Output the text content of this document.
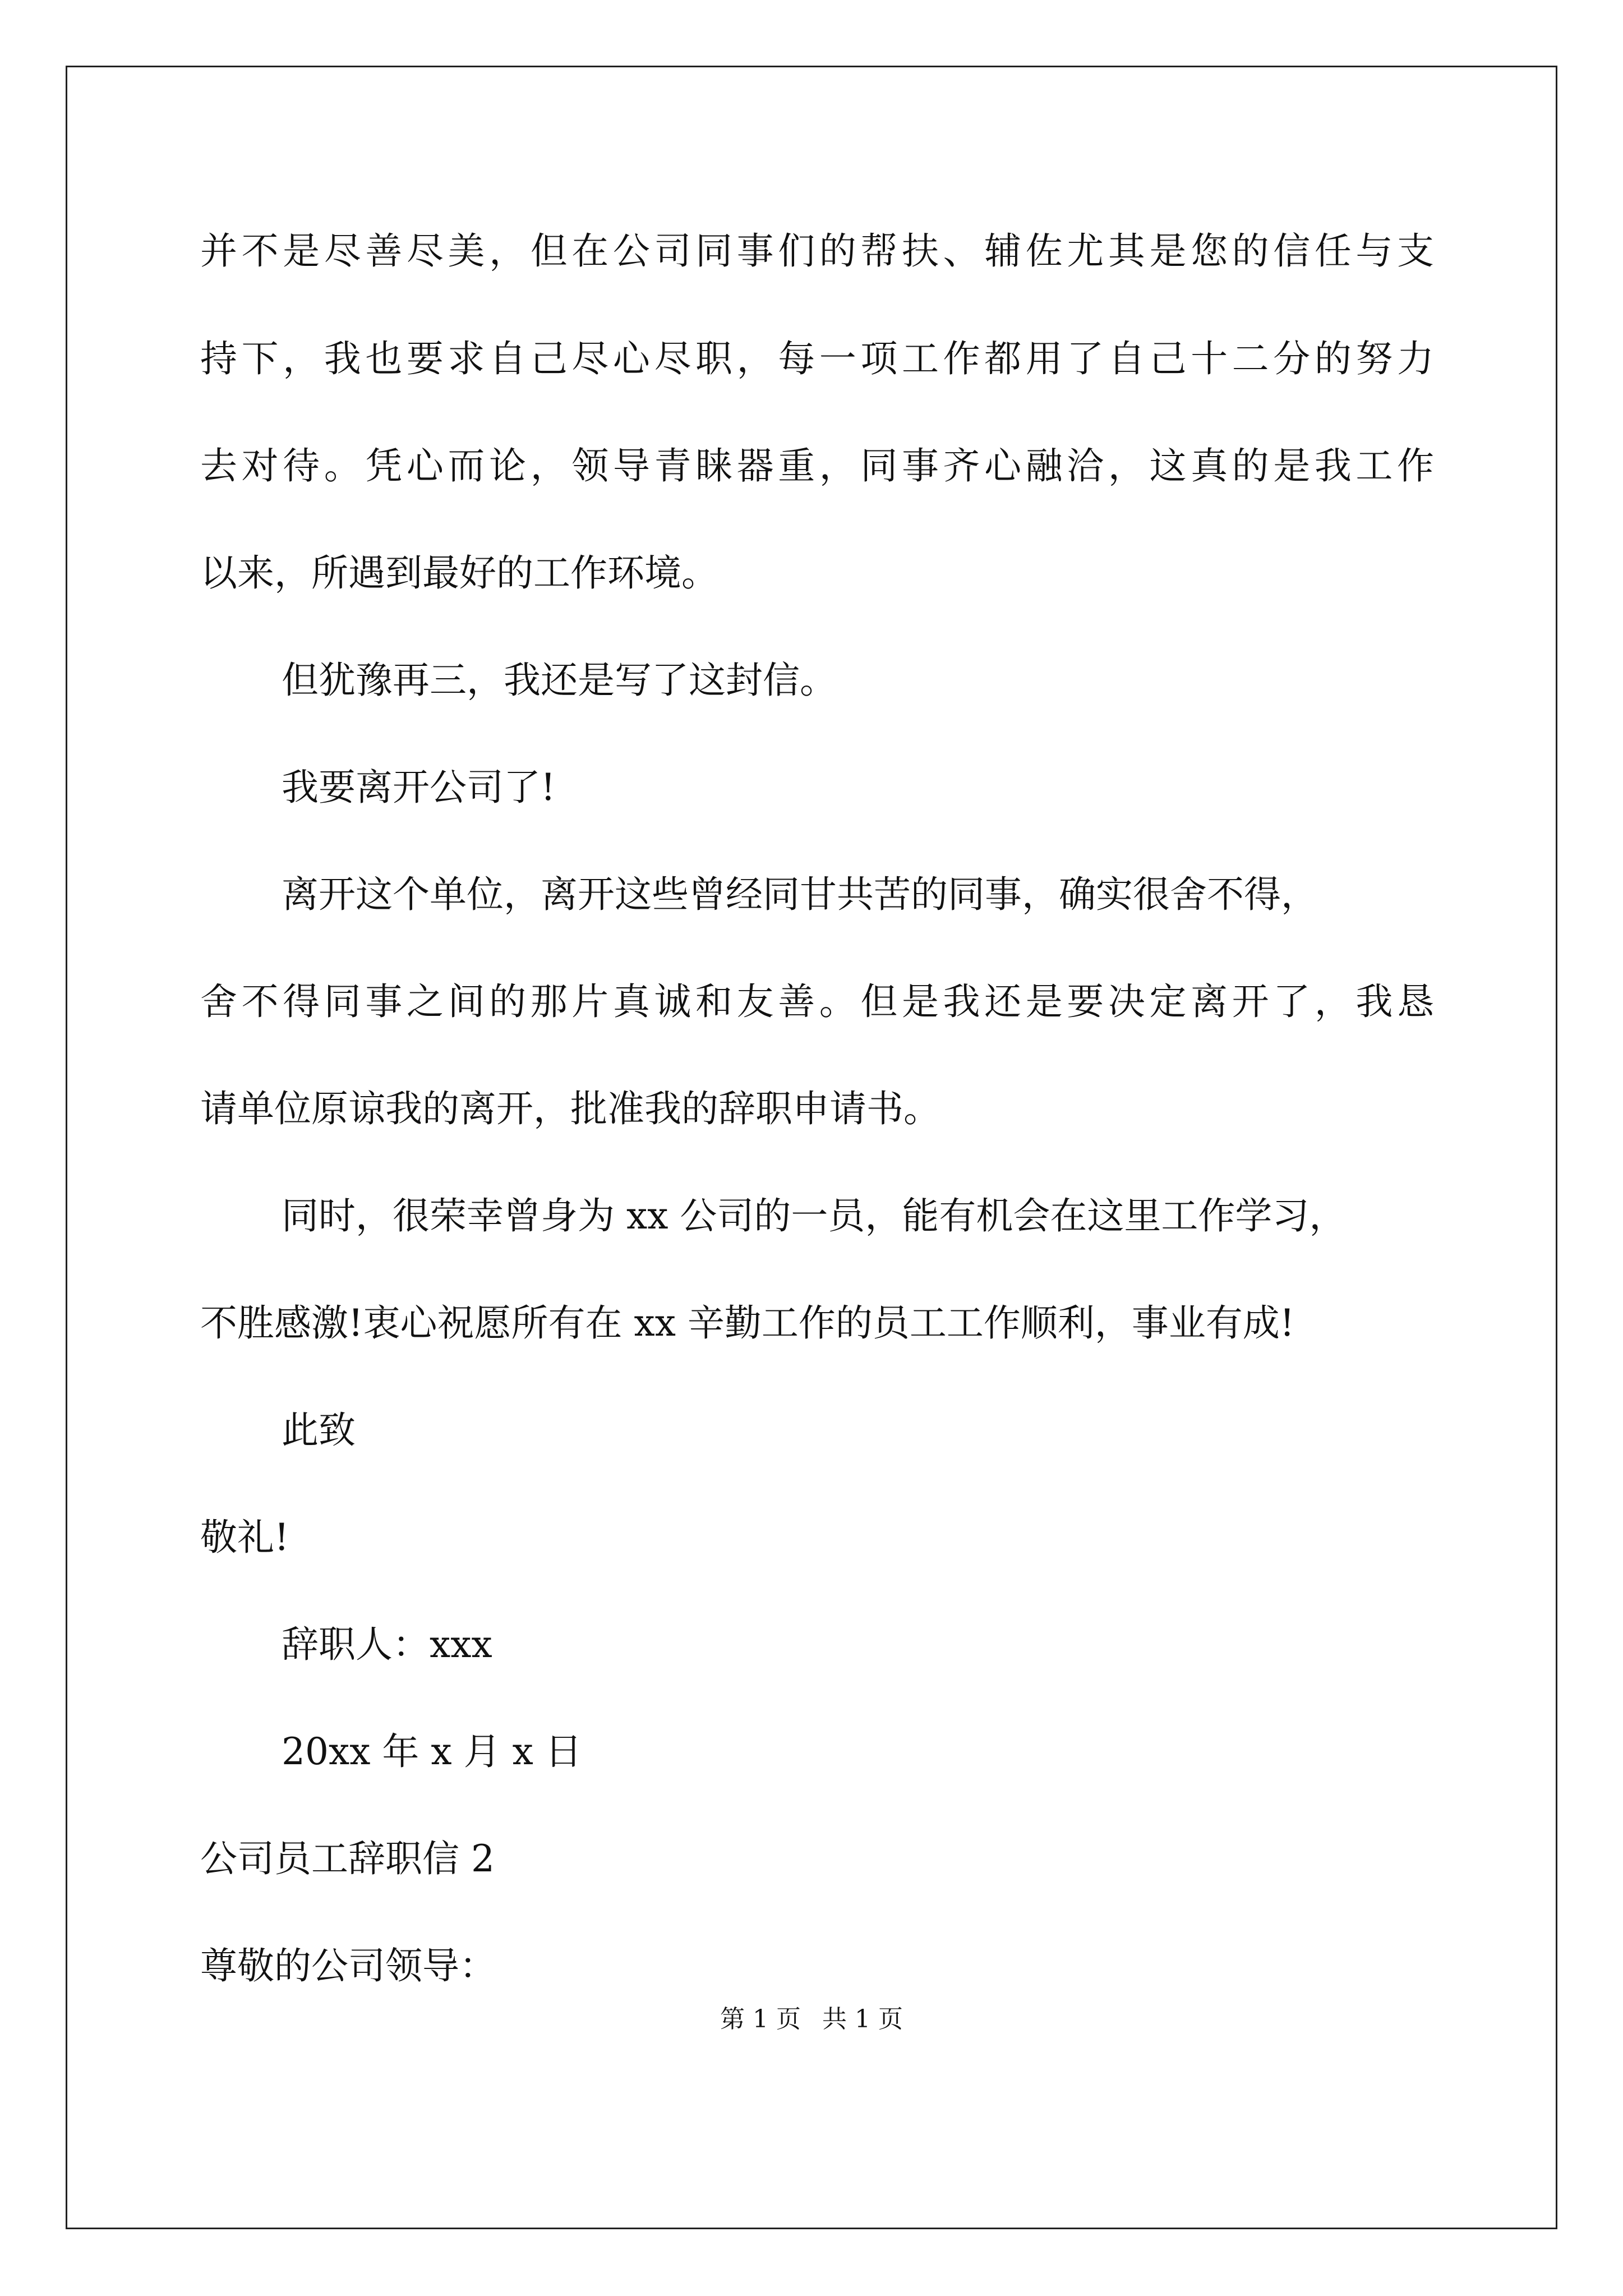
并不是尽善尽美，但在公司同事们的帮扶、辅佐尤其是您的信任与支

持下，我也要求自己尽心尽职，每一项工作都用了自己十二分的努力

去对待。凭心而论，领导青睐器重，同事齐心融洽，这真的是我工作

以来，所遇到最好的工作环境。

但犹豫再三，我还是写了这封信。

我要离开公司了!

离开这个单位，离开这些曾经同甘共苦的同事，确实很舍不得，

舍不得同事之间的那片真诚和友善。但是我还是要决定离开了，我恳

请单位原谅我的离开，批准我的辞职申请书。

同时，很荣幸曾身为 xx 公司的一员，能有机会在这里工作学习，

不胜感激!衷心祝愿所有在 xx 辛勤工作的员工工作顺利，事业有成!

此致

敬礼!

辞职人：xxx

20xx 年 x 月 x 日

公司员工辞职信 2

尊敬的公司领导：

第 1 页 共 1 页
